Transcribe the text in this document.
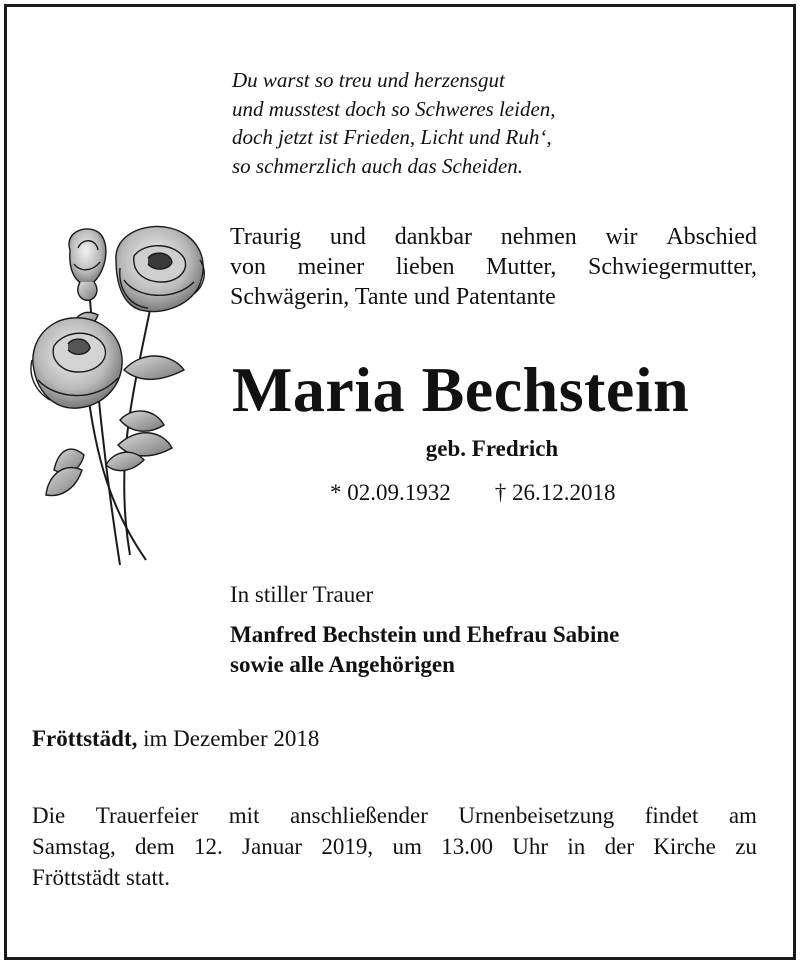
Du warst so treu und herzensgut
und musstest doch so Schweres leiden,
doch jetzt ist Frieden, Licht und Ruh‘,
so schmerzlich auch das Scheiden.
Traurig und dankbar nehmen wir Abschied
von meiner lieben Mutter, Schwiegermutter,
Schwägerin, Tante und Patentante
Maria Bechstein
geb. Fredrich
* 02.09.1932 † 26.12.2018
In stiller Trauer
Manfred Bechstein und Ehefrau Sabine
sowie alle Angehörigen
Fröttstädt, im Dezember 2018
Die Trauerfeier mit anschließender Urnenbeisetzung findet am
Samstag, dem 12. Januar 2019, um 13.00 Uhr in der Kirche zu
Fröttstädt statt.
